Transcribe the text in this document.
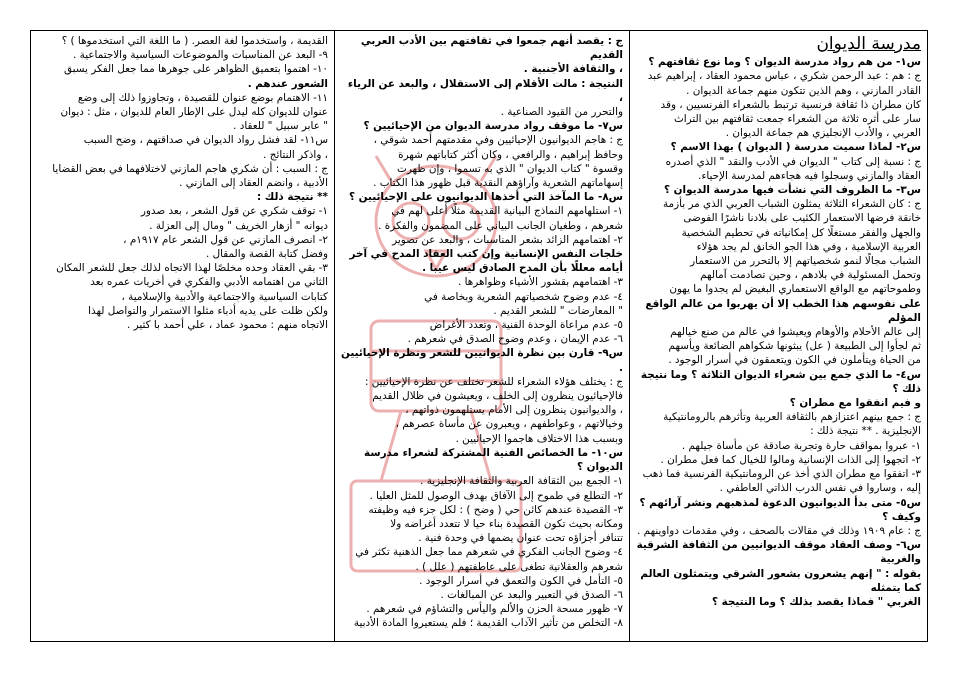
مدرسة الديوان

س١- من هم رواد مدرسة الديوان ؟ وما نوع ثقافتهم ؟

ج : هم : عبد الرحمن شكري ، عباس محمود العقاد ، إبراهيم عبد

القادر المازني ، وهم الذين تتكون منهم جماعة الديوان .

كان مطران ذا ثقافة فرنسية ترتبط بالشعراء الفرنسيين ، وقد

سار على أثره ثلاثة من الشعراء جمعت ثقافتهم بين التراث

العربي ، والأدب الإنجليزي هم جماعة الديوان .

س٢- لماذا سميت مدرسة ( الديوان ) بهذا الاسم ؟

ج : نسبة إلى كتاب " الديوان في الأدب والنقد " الذي أصدره

العقاد والمازني وسجلوا فيه هجاءهم لمدرسة الإحياء.

س٣- ما الظروف التي نشأت فيها مدرسة الديوان ؟

ج : كان الشعراء الثلاثة يمثلون الشباب العربي الذي مر بأزمة

خانقة فرضها الاستعمار الكئيب على بلادنا ناشرًا الفوضى

والجهل والفقر مستغلًا كل إمكانياته في تحطيم الشخصية

العربية الإسلامية ، وفي هذا الجو الخانق لم يجد هؤلاء

الشباب مجالًا لنمو شخصياتهم إلا بالتحرر من الاستعمار

وتحمل المسئولية في بلادهم ، وحين تصادمت آمالهم

وطموحاتهم مع الواقع الاستعماري البغيض لم يجدوا ما يهون

على نفوسهم هذا الخطب إلا أن يهربوا من عالم الواقع المؤلم

إلى عالم الأحلام والأوهام ويعيشوا في عالم من صنع خيالهم

ثم لجأوا إلى الطبيعة ( عل) يبثونها شكواهم الضائعة ويأسهم

من الحياة ويتأملون في الكون ويتعمقون في أسرار الوجود .

س٤- ما الذي جمع بين شعراء الديوان الثلاثة ؟ وما نتيجة ذلك ؟

و فيم انفقوا مع مطران ؟

ج : جمع بينهم اعتزازهم بالثقافة العربية وتأثرهم بالرومانتيكية

الإنجليزية . ** نتيجة ذلك :

١- عبروا بمواقف حارة وتجربة صادقة عن مأساة جيلهم .

٢- اتجهوا إلى الذات الإنسانية ومالوا للخيال كما فعل مطران .

٣- اتفقوا مع مطران الذي أخذ عن الرومانتيكية الفرنسية فما ذهب

إليه ، وساروا في نفس الدرب الذاتي العاطفي .

س٥- متى بدأ الديوانيون الدعوة لمذهبهم ونشر آرائهم ؟ وكيف ؟

ج : عام ١٩٠٩ وذلك في مقالات بالصحف ، وفي مقدمات دواوينهم .

س٦- وصف العقاد موقف الديوانيين من الثقافة الشرقية والغربية

بقوله : " إنهم يشعرون بشعور الشرقي ويتمثلون العالم كما يتمثله

الغربي " فماذا يقصد بذلك ؟ وما النتيجة ؟

ج : يقصد أنهم جمعوا في ثقافتهم بين الأدب العربي القديم

، والثقافة الأجنبية .

النتيجة : مالت الأقلام إلى الاستقلال ، والبعد عن الرياء ،

والتحرر من القيود الصناعية .

س٧- ما موقف رواد مدرسة الديوان من الإحيائيين ؟

ج : هاجم الديوانيون الإحيائيين وفي مقدمتهم أحمد شوقي ،

وحافظ إبراهيم ، والرافعي ، وكان أكثر كتاباتهم شهرة

وقسوة " كتاب الديوان " الذي به تسموا ، وإن ظهرت

إسهاماتهم الشعرية وآراؤهم النقدية قبل ظهور هذا الكتاب .

س٨- ما المآخذ التي أخذها الديوانيون على الإحيائيين ؟

١- استلهامهم النماذج البيانية القديمة مثلًا أعلى لهم في

شعرهم ، وطغيان الجانب البياني على المضمون والفكرة .

٢- اهتمامهم الزائد بشعر المناسبات ، والبعد عن تصوير

خلجات النفس الإنسانية وإن كتب العقاد المدح في آخر

أيامه معللًا بأن المدح الصادق ليس عيبا .

٣- اهتمامهم بقشور الأشياء وظواهرها .

٤- عدم وضوح شخصياتهم الشعرية وبخاصة في

" المعارضات " للشعر القديم .

٥- عدم مراعاة الوحدة الفنية ، وتعدد الأغراض

٦- عدم الإيمان ، وعدم وضوح الصدق في شعرهم .

س٩- قارن بين نظرة الديوانيين للشعر ونظرة الإحيائيين .

ج : يختلف هؤلاء الشعراء للشعر تختلف عن نظرة الإحيائيين :

فالإحيائيون ينظرون إلى الخلف ، ويعيشون في ظلال القديم

، والديوانيون ينظرون إلى الأمام يستلهمون ذواتهم ،

وخيالاتهم ، وعواطفهم ، ويعبرون عن مأساة عصرهم ،

وبسبب هذا الاختلاف هاجموا الإحيائيين .

س١٠- ما الخصائص الفنية المشتركة لشعراء مدرسة الديوان ؟

١- الجمع بين الثقافة العربية والثقافة الإنجليزية .

٢- التطلع في طموح إلى الآفاق بهدف الوصول للمثل العليا .

٣- القصيدة عندهم كائن حي ( وضح ) : لكل جزء فيه وظيفته

ومكانه بحيث تكون القصيدة بناء حيا لا تتعدد أغراضه ولا

تتنافر أجزاؤه تحت عنوان يضمها في وحدة فنية .

٤- وضوح الجانب الفكري في شعرهم مما جعل الذهنية تكثر في

شعرهم والعقلانية تطغى على عاطفتهم ( علل ) .

٥- التأمل في الكون والتعمق في أسرار الوجود .

٦- الصدق في التعبير والبعد عن المبالغات .

٧- ظهور مسحة الحزن والألم واليأس والتشاؤم في شعرهم .

٨- التخلص من تأثير الآداب القديمة ؛ فلم يستعيروا المادة الأدبية

القديمة ، واستخدموا لغة العصر. ( ما اللغة التي استخدموها ) ؟

٩- البعد عن المناسبات والموضوعات السياسية والاجتماعية .

١٠- اهتموا بتعميق الظواهر على جوهرها مما جعل الفكر يسبق

الشعور عندهم .

١١- الاهتمام بوضع عنوان للقصيدة ، وتجاوزوا ذلك إلى وضع

عنوان للديوان كله ليدل على الإطار العام للديوان ، مثل : ديوان

" عابر سبيل " للعقاد .

س١١- لقد فشل رواد الديوان في صداقتهم ، وضح السبب

، واذكر النتائج .

ج : السبب : أن شكري هاجم المازني لاختلافهما في بعض القضايا

الأدبية ، وانضم العقاد إلى المازني .

** نتيجة ذلك :

١- توقف شكري عن قول الشعر ، بعد صدور

ديوانه " أزهار الخريف " ومال إلى العزلة .

٢- انصرف المازني عن قول الشعر عام ١٩١٧م ،

وفضل كتابة القصة والمقال .

٣- بقي العقاد وحده مخلصًا لهذا الاتجاه لذلك جعل للشعر المكان

الثاني من اهتمامه الأدبي والفكري في أخريات عمره بعد

كتابات السياسية والاجتماعية والأدبية والإسلامية ،

ولكن ظلت على يديه أدباء مثلوا الاستمرار والتواصل لهذا

الاتجاه منهم : محمود عماد ، علي أحمد با كثير .
